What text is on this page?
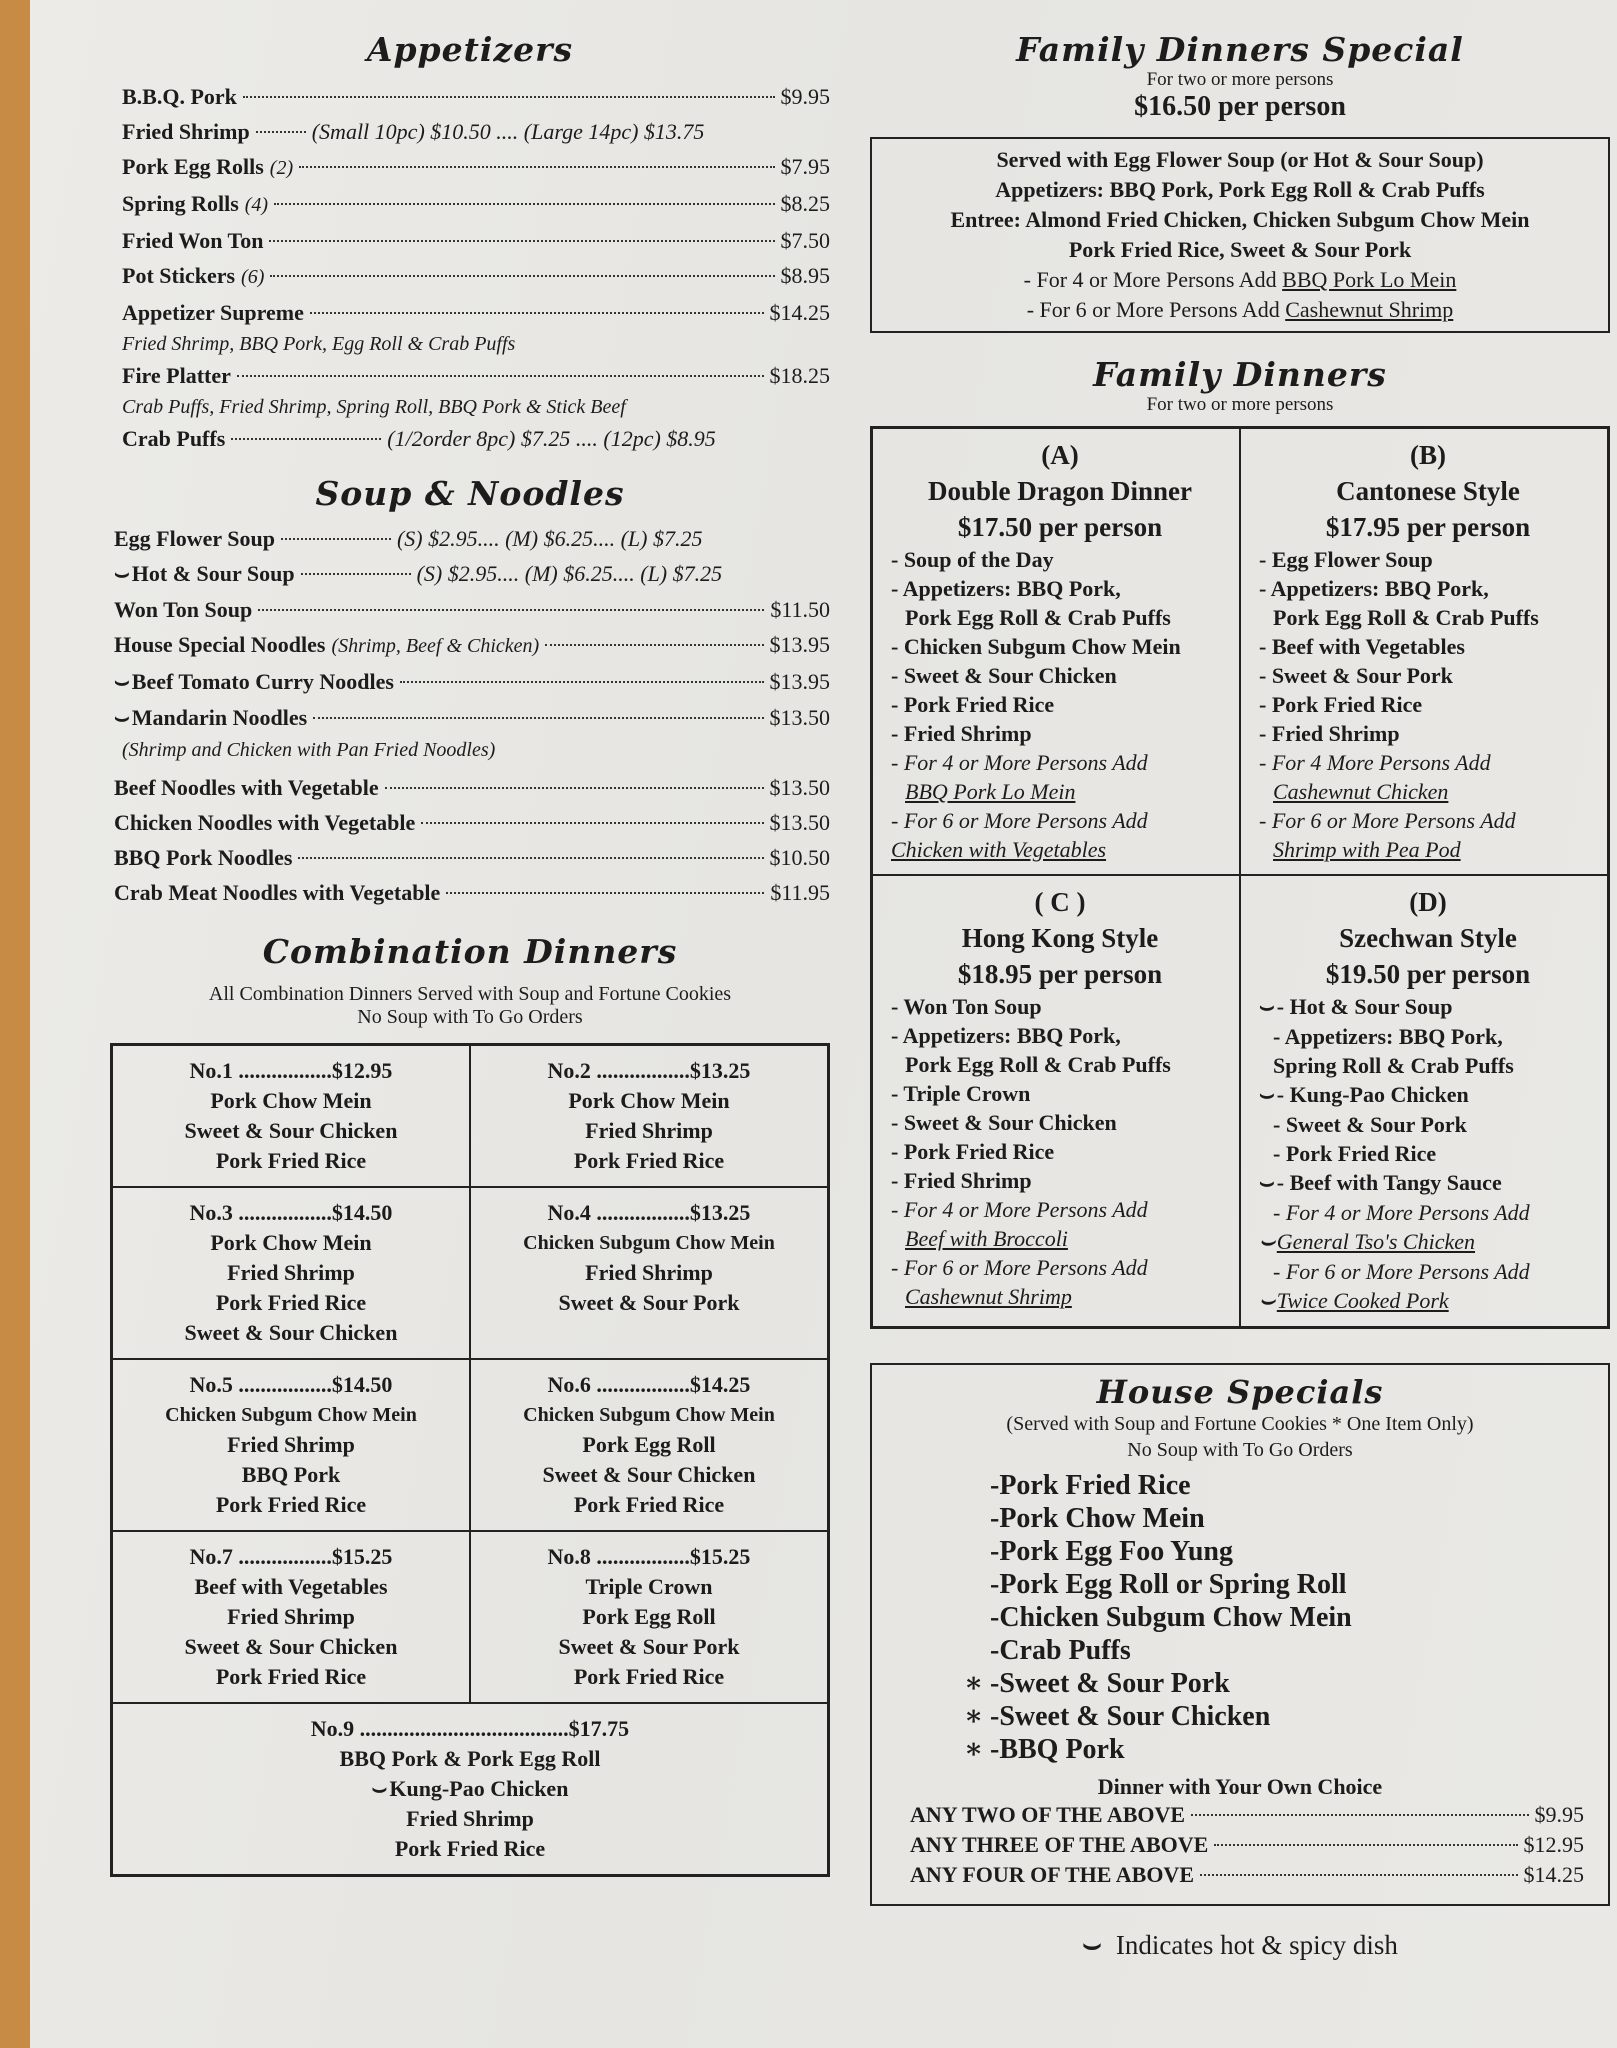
Appetizers
B.B.Q. Pork	$9.95
Fried Shrimp	(Small 10pc) $10.50 .... (Large 14pc) $13.75
Pork Egg Rolls (2)	$7.95
Spring Rolls (4)	$8.25
Fried Won Ton	$7.50
Pot Stickers (6)	$8.95
Appetizer Supreme	$14.25
Fried Shrimp, BBQ Pork, Egg Roll & Crab Puffs
Fire Platter	$18.25
Crab Puffs, Fried Shrimp, Spring Roll, BBQ Pork & Stick Beef
Crab Puffs	(1/2order 8pc) $7.25 .... (12pc) $8.95
Soup & Noodles
Egg Flower Soup	(S) $2.95.... (M) $6.25.... (L) $7.25
⌣ Hot & Sour Soup	(S) $2.95.... (M) $6.25.... (L) $7.25
Won Ton Soup	$11.50
House Special Noodles (Shrimp, Beef & Chicken)	$13.95
⌣ Beef Tomato Curry Noodles	$13.95
⌣ Mandarin Noodles	$13.50
(Shrimp and Chicken with Pan Fried Noodles)
Beef Noodles with Vegetable	$13.50
Chicken Noodles with Vegetable	$13.50
BBQ Pork Noodles	$10.50
Crab Meat Noodles with Vegetable	$11.95
Combination Dinners
All Combination Dinners Served with Soup and Fortune Cookies
No Soup with To Go Orders
No.1 .................$12.95
Pork Chow Mein
Sweet & Sour Chicken
Pork Fried Rice
No.2 .................$13.25
Pork Chow Mein
Fried Shrimp
Pork Fried Rice
No.3 .................$14.50
Pork Chow Mein
Fried Shrimp
Pork Fried Rice
Sweet & Sour Chicken
No.4 .................$13.25
Chicken Subgum Chow Mein
Fried Shrimp
Sweet & Sour Pork
No.5 .................$14.50
Chicken Subgum Chow Mein
Fried Shrimp
BBQ Pork
Pork Fried Rice
No.6 .................$14.25
Chicken Subgum Chow Mein
Pork Egg Roll
Sweet & Sour Chicken
Pork Fried Rice
No.7 .................$15.25
Beef with Vegetables
Fried Shrimp
Sweet & Sour Chicken
Pork Fried Rice
No.8 .................$15.25
Triple Crown
Pork Egg Roll
Sweet & Sour Pork
Pork Fried Rice
No.9 ......................................$17.75
BBQ Pork & Pork Egg Roll
⌣ Kung-Pao Chicken
Fried Shrimp
Pork Fried Rice
Family Dinners Special
For two or more persons
$16.50 per person
Served with Egg Flower Soup (or Hot & Sour Soup)
Appetizers: BBQ Pork, Pork Egg Roll & Crab Puffs
Entree: Almond Fried Chicken, Chicken Subgum Chow Mein
Pork Fried Rice, Sweet & Sour Pork
- For 4 or More Persons Add BBQ Pork Lo Mein
- For 6 or More Persons Add Cashewnut Shrimp
Family Dinners
For two or more persons
(A)
Double Dragon Dinner
$17.50 per person
- Soup of the Day
- Appetizers: BBQ Pork,
Pork Egg Roll & Crab Puffs
- Chicken Subgum Chow Mein
- Sweet & Sour Chicken
- Pork Fried Rice
- Fried Shrimp
- For 4 or More Persons Add
BBQ Pork Lo Mein
- For 6 or More Persons Add
Chicken with Vegetables
(B)
Cantonese Style
$17.95 per person
- Egg Flower Soup
- Appetizers: BBQ Pork,
Pork Egg Roll & Crab Puffs
- Beef with Vegetables
- Sweet & Sour Pork
- Pork Fried Rice
- Fried Shrimp
- For 4 More Persons Add
Cashewnut Chicken
- For 6 or More Persons Add
Shrimp with Pea Pod
( C )
Hong Kong Style
$18.95 per person
- Won Ton Soup
- Appetizers: BBQ Pork,
Pork Egg Roll & Crab Puffs
- Triple Crown
- Sweet & Sour Chicken
- Pork Fried Rice
- Fried Shrimp
- For 4 or More Persons Add
Beef with Broccoli
- For 6 or More Persons Add
Cashewnut Shrimp
(D)
Szechwan Style
$19.50 per person
⌣ - Hot & Sour Soup
- Appetizers: BBQ Pork,
Spring Roll & Crab Puffs
⌣ - Kung-Pao Chicken
- Sweet & Sour Pork
- Pork Fried Rice
⌣ - Beef with Tangy Sauce
- For 4 or More Persons Add
⌣ General Tso's Chicken
- For 6 or More Persons Add
⌣ Twice Cooked Pork
House Specials
(Served with Soup and Fortune Cookies * One Item Only)
No Soup with To Go Orders
-Pork Fried Rice
-Pork Chow Mein
-Pork Egg Foo Yung
-Pork Egg Roll or Spring Roll
-Chicken Subgum Chow Mein
-Crab Puffs
∗ -Sweet & Sour Pork
∗ -Sweet & Sour Chicken
∗ -BBQ Pork
Dinner with Your Own Choice
ANY TWO OF THE ABOVE	$9.95
ANY THREE OF THE ABOVE	$12.95
ANY FOUR OF THE ABOVE	$14.25
⌣ Indicates hot & spicy dish
